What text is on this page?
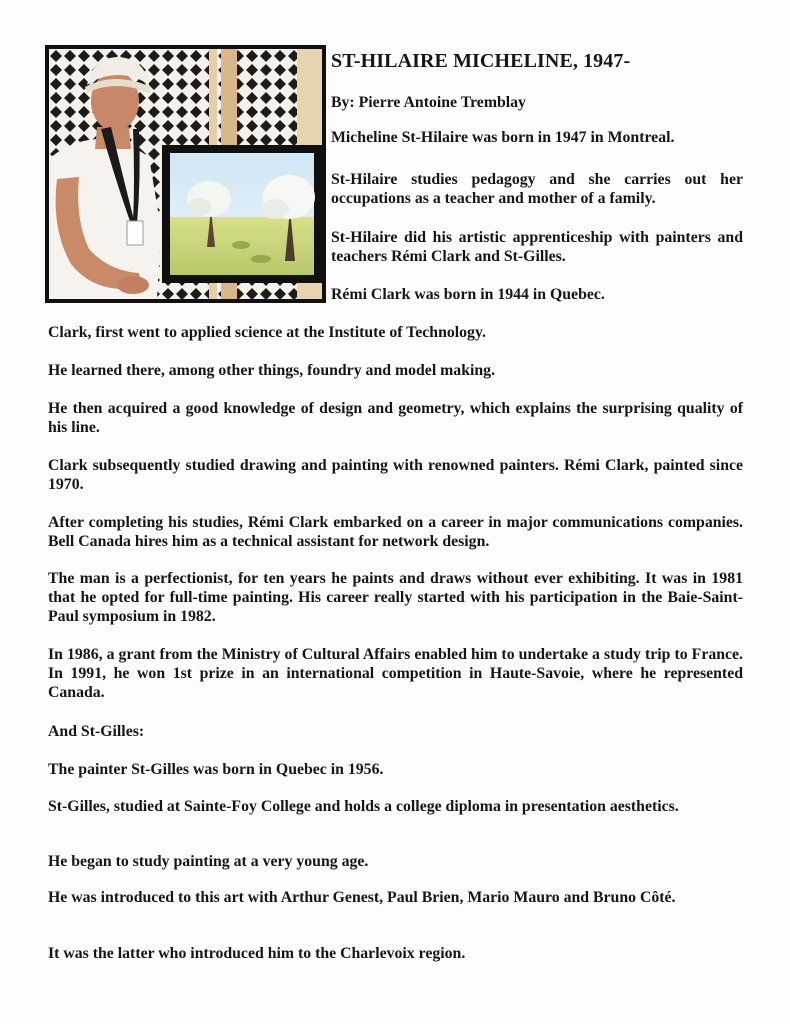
ST-HILAIRE MICHELINE, 1947-

By: Pierre Antoine Tremblay

Micheline St-Hilaire was born in 1947 in Montreal.

St-Hilaire studies pedagogy and she carries out her occupations as a teacher and mother of a family.

St-Hilaire did his artistic apprenticeship with painters and teachers Rémi Clark and St-Gilles.

Rémi Clark was born in 1944 in Quebec.

Clark, first went to applied science at the Institute of Technology.

He learned there, among other things, foundry and model making.

He then acquired a good knowledge of design and geometry, which explains the surprising quality of his line.

Clark subsequently studied drawing and painting with renowned painters. Rémi Clark, painted since 1970.

After completing his studies, Rémi Clark embarked on a career in major communications companies. Bell Canada hires him as a technical assistant for network design.

The man is a perfectionist, for ten years he paints and draws without ever exhibiting. It was in 1981 that he opted for full-time painting. His career really started with his participation in the Baie-Saint-Paul symposium in 1982.

In 1986, a grant from the Ministry of Cultural Affairs enabled him to undertake a study trip to France. In 1991, he won 1st prize in an international competition in Haute-Savoie, where he represented Canada.

And St-Gilles:

The painter St-Gilles was born in Quebec in 1956.

St-Gilles, studied at Sainte-Foy College and holds a college diploma in presentation aesthetics.

He began to study painting at a very young age.

He was introduced to this art with Arthur Genest, Paul Brien, Mario Mauro and Bruno Côté.

It was the latter who introduced him to the Charlevoix region.
